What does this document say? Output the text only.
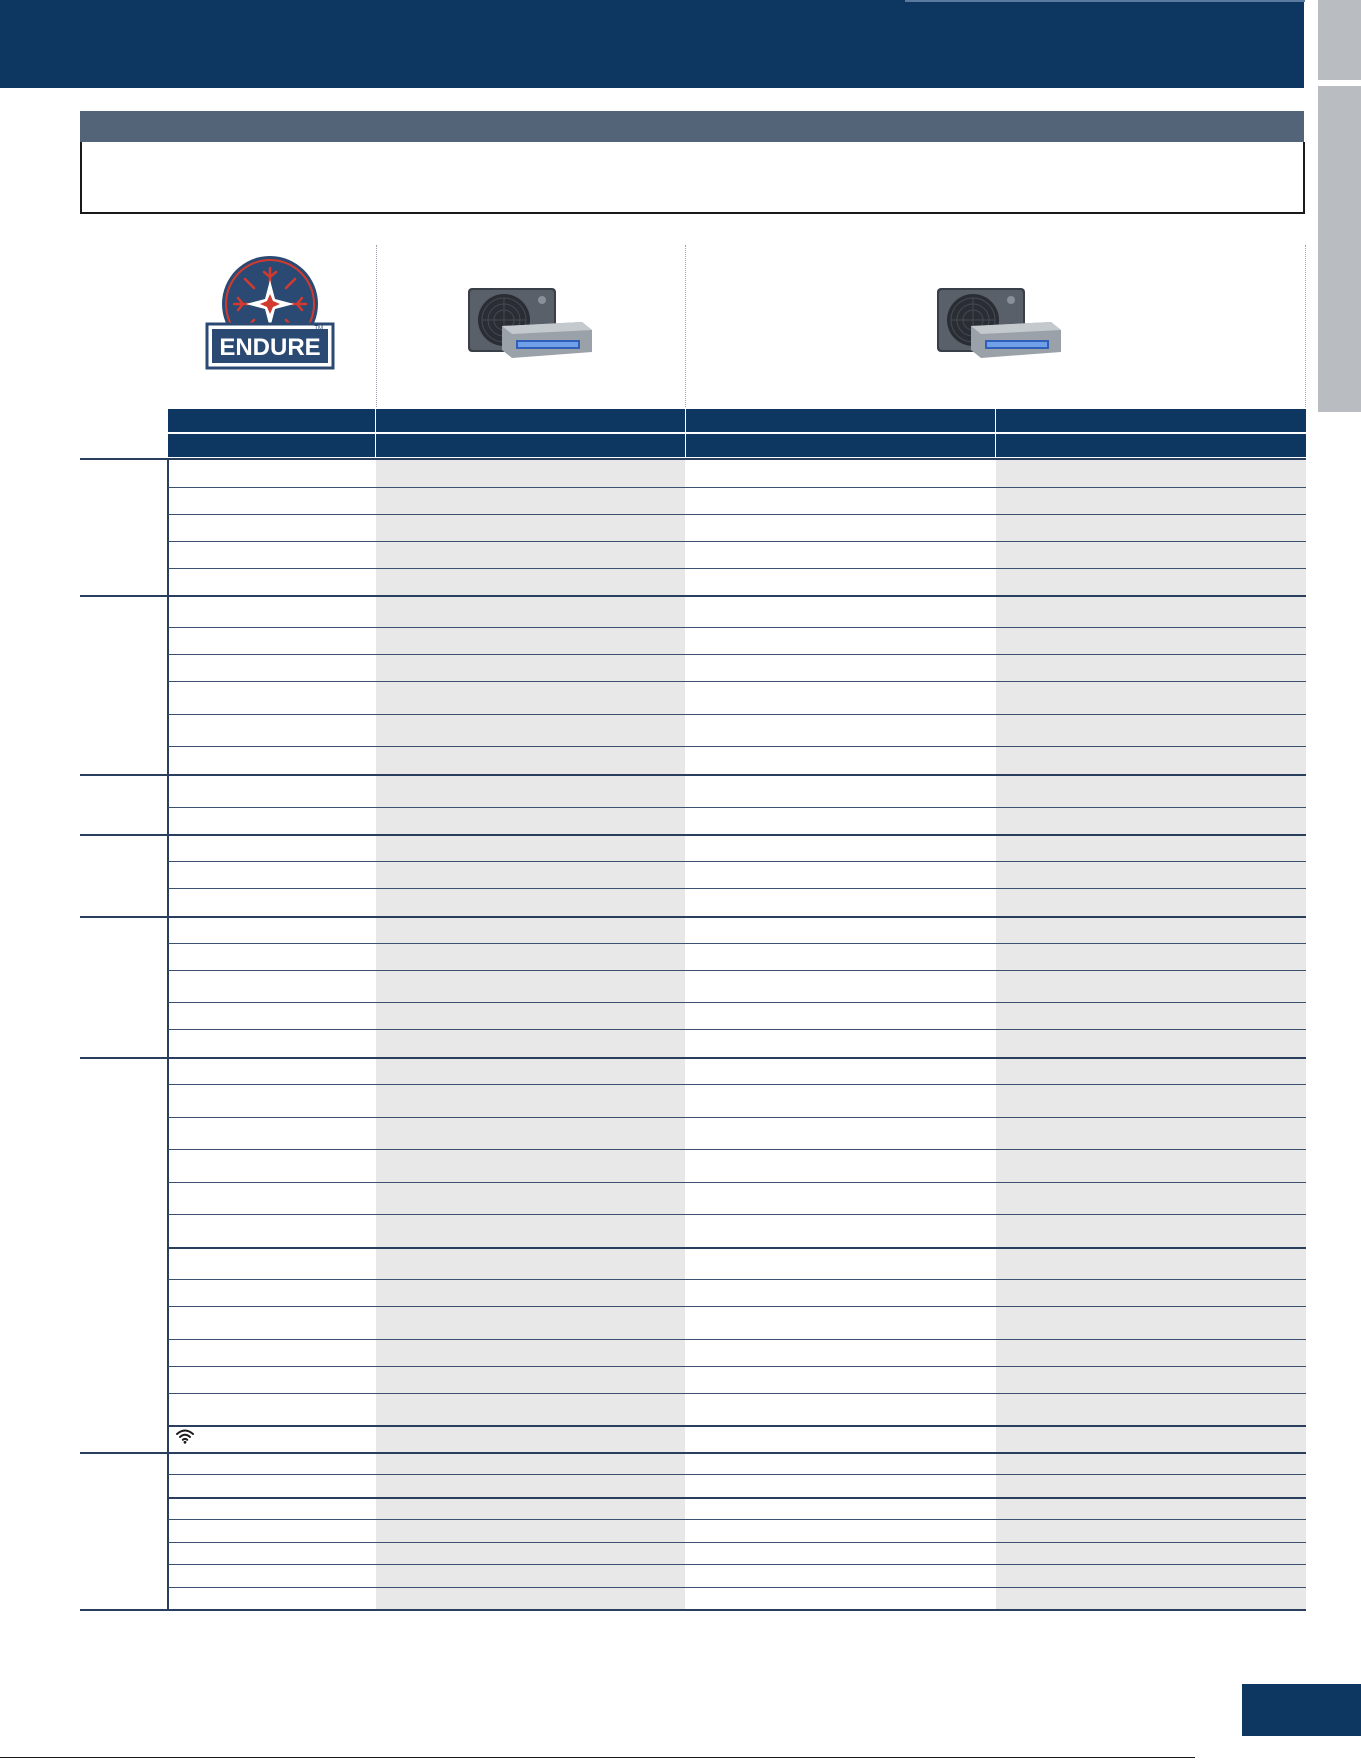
ENDURE
TM
